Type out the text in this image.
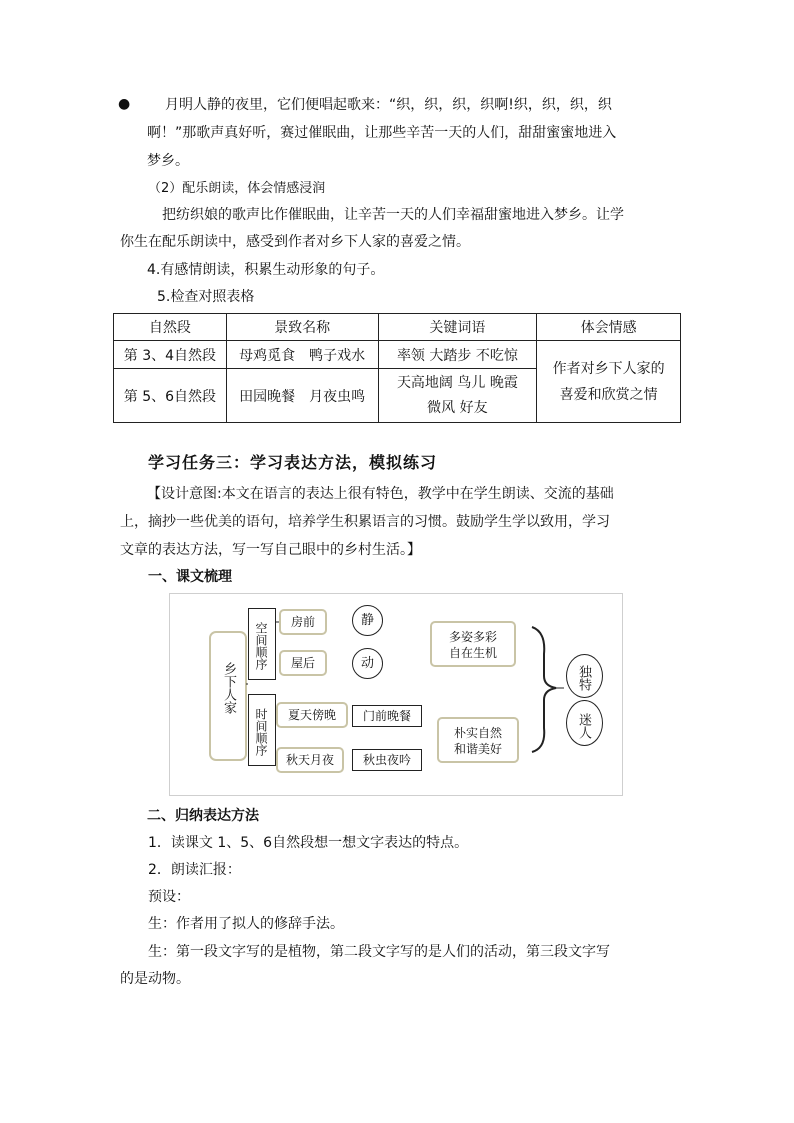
● 月明人静的夜里，它们便唱起歌来：“织，织，织，织啊!织，织，织，织
啊！”那歌声真好听，赛过催眠曲，让那些辛苦一天的人们，甜甜蜜蜜地进入
梦乡。
（2）配乐朗读，体会情感浸润
把纺织娘的歌声比作催眠曲，让辛苦一天的人们幸福甜蜜地进入梦乡。让学
你生在配乐朗读中，感受到作者对乡下人家的喜爱之情。
4.有感情朗读，积累生动形象的句子。
5.检查对照表格
自然段	景致名称	关键词语	体会情感
第 3、4自然段	母鸡觅食　鸭子戏水	率领 大踏步 不吃惊	作者对乡下人家的
喜爱和欣赏之情

第 5、6自然段	田园晚餐　月夜虫鸣	天高地阔 鸟儿 晚霞
微风 好友	
学习任务三：学习表达方法，模拟练习
【设计意图:本文在语言的表达上很有特色，教学中在学生朗读、交流的基础
上，摘抄一些优美的语句，培养学生积累语言的习惯。鼓励学生学以致用，学习
文章的表达方法，写一写自己眼中的乡村生活。】
一、课文梳理
乡下人家
空间顺序
时间顺序
房前
屋后
夏天傍晚
秋天月夜
门前晚餐
秋虫夜吟
静
动
多姿多彩
自在生机
朴实自然
和谐美好
独特
迷人
二、归纳表达方法
1．读课文 1、5、6自然段想一想文字表达的特点。
2．朗读汇报：
预设：
生：作者用了拟人的修辞手法。
生：第一段文字写的是植物，第二段文字写的是人们的活动，第三段文字写
的是动物。
